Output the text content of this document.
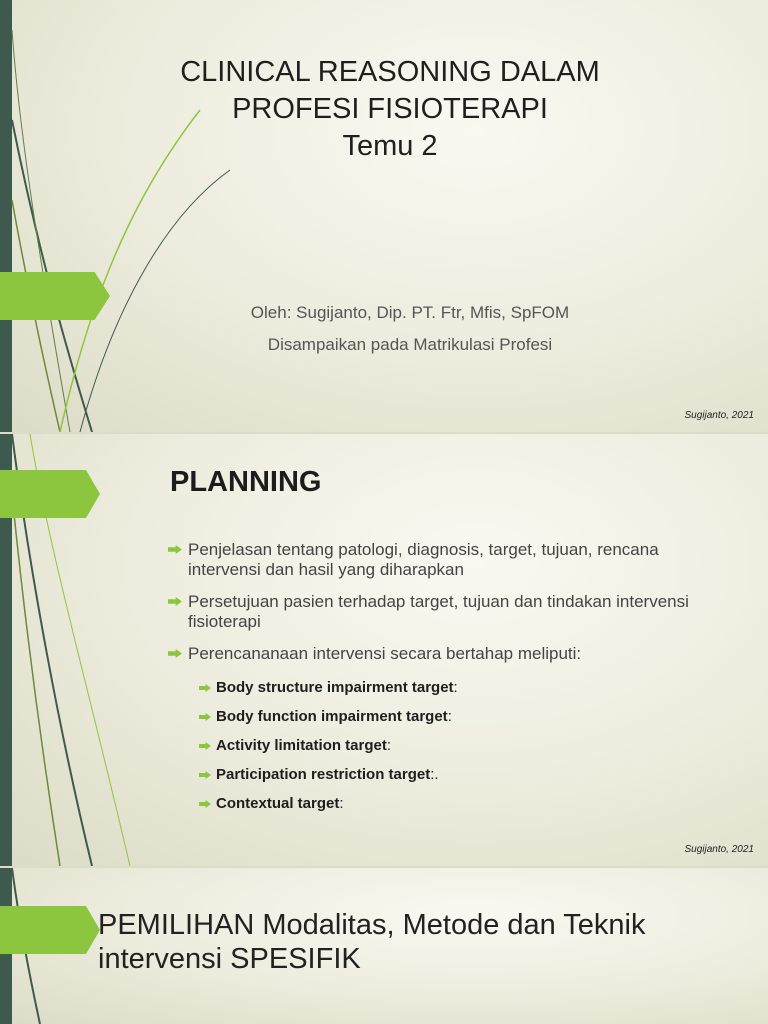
CLINICAL REASONING DALAM
PROFESI FISIOTERAPI
Temu 2
Oleh: Sugijanto, Dip. PT. Ftr, Mfis, SpFOM
Disampaikan pada Matrikulasi Profesi
Sugijanto, 2021
PLANNING
Penjelasan tentang patologi, diagnosis, target, tujuan, rencana intervensi dan hasil yang diharapkan
Persetujuan pasien terhadap target, tujuan dan tindakan intervensi fisioterapi
Perencananaan intervensi secara bertahap meliputi:
Body structure impairment target:
Body function impairment target:
Activity limitation target:
Participation restriction target:.
Contextual target:
Sugijanto, 2021
PEMILIHAN Modalitas, Metode dan Teknik intervensi SPESIFIK
